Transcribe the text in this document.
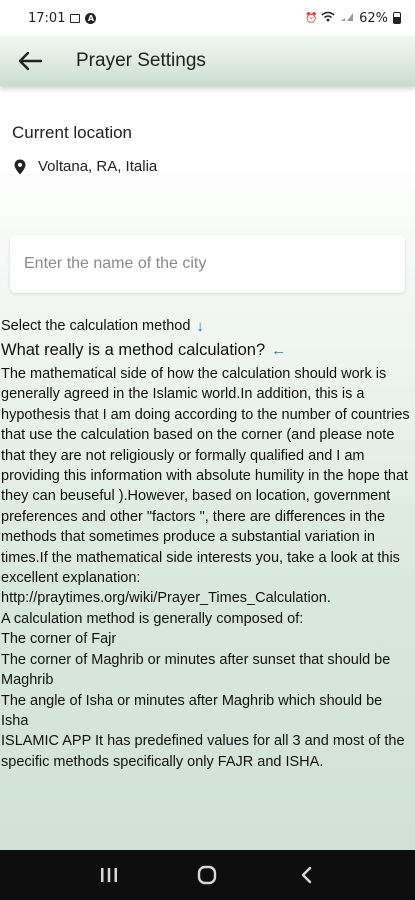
17:01	A	⏰	62%
Prayer Settings
Current location
Voltana, RA, Italia
Enter the name of the city
Select the calculation method ↓
What really is a method calculation? ←
The mathematical side of how the calculation should work is generally agreed in the Islamic world.In addition, this is a hypothesis that I am doing according to the number of countries that use the calculation based on the corner (and please note that they are not religiously or formally qualified and I am providing this information with absolute humility in the hope that they can beuseful ).However, based on location, government preferences and other "factors ", there are differences in the methods that sometimes produce a substantial variation in times.If the mathematical side interests you, take a look at this excellent explanation: http://praytimes.org/wiki/Prayer_Times_Calculation.
A calculation method is generally composed of:
The corner of Fajr
The corner of Maghrib or minutes after sunset that should be Maghrib
The angle of Isha or minutes after Maghrib which should be Isha
ISLAMIC APP It has predefined values for all 3 and most of the specific methods specifically only FAJR and ISHA.
